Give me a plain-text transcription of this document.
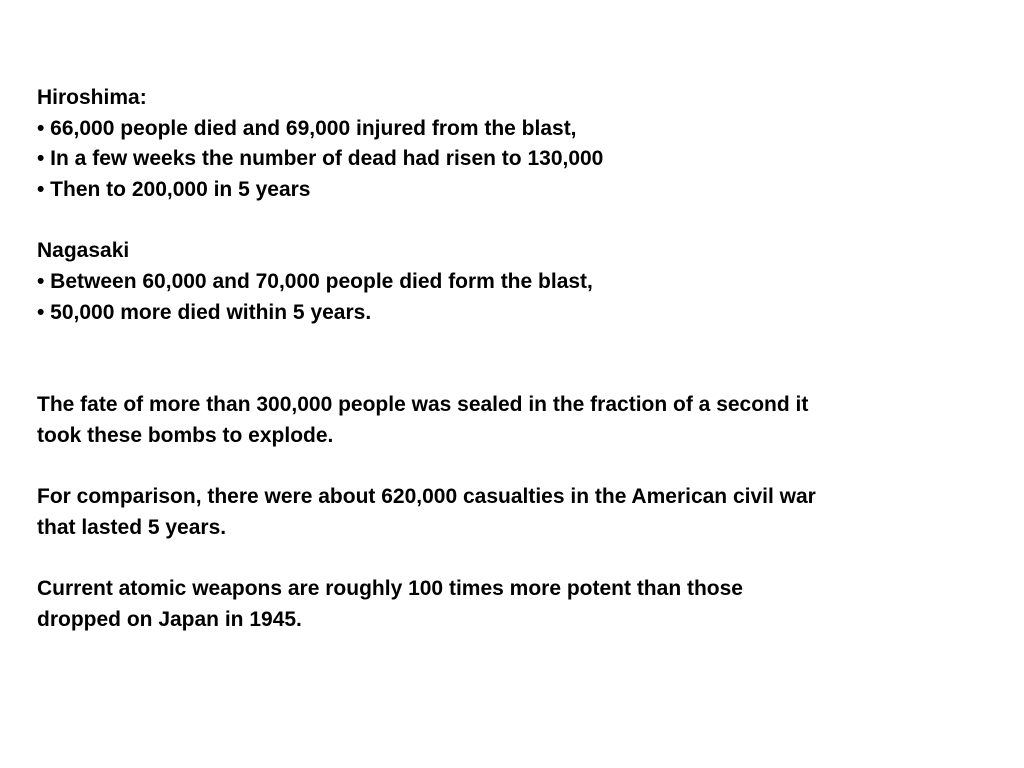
Hiroshima:
• 66,000 people died and 69,000 injured from the blast,
• In a few weeks the number of dead had risen to 130,000
• Then to 200,000 in 5 years
Nagasaki
• Between 60,000 and 70,000 people died form the blast,
• 50,000 more died within 5 years.
The fate of more than 300,000 people was sealed in the fraction of a second it
took these bombs to explode.
For comparison, there were about 620,000 casualties in the American civil war
that lasted 5 years.
Current atomic weapons are roughly 100 times more potent than those
dropped on Japan in 1945.
